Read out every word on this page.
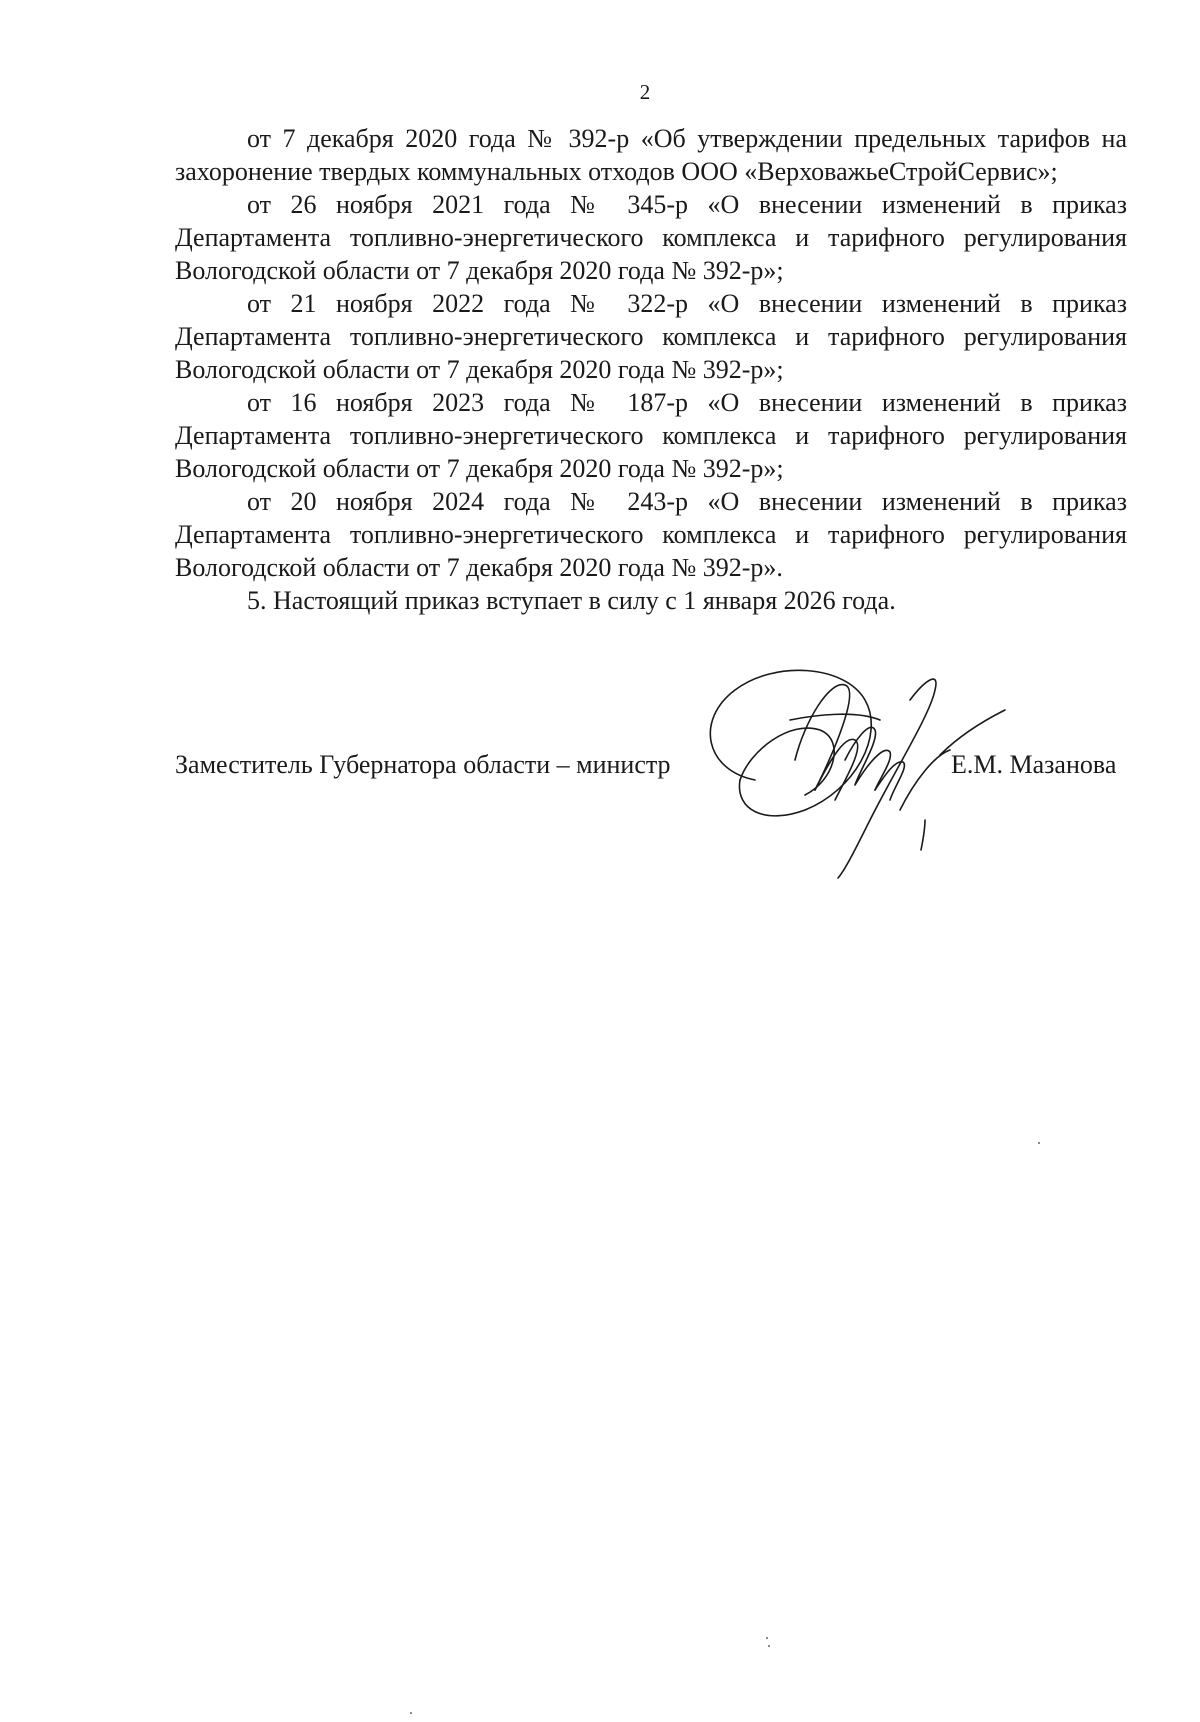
2

от 7 декабря 2020 года № 392-р «Об утверждении предельных тарифов на захоронение твердых коммунальных отходов ООО «ВерховажьеСтройСервис»;

от 26 ноября 2021 года № 345-р «О внесении изменений в приказ Департамента топливно-энергетического комплекса и тарифного регулирования Вологодской области от 7 декабря 2020 года № 392-р»;

от 21 ноября 2022 года № 322-р «О внесении изменений в приказ Департамента топливно-энергетического комплекса и тарифного регулирования Вологодской области от 7 декабря 2020 года № 392-р»;

от 16 ноября 2023 года № 187-р «О внесении изменений в приказ Департамента топливно-энергетического комплекса и тарифного регулирования Вологодской области от 7 декабря 2020 года № 392-р»;

от 20 ноября 2024 года № 243-р «О внесении изменений в приказ Департамента топливно-энергетического комплекса и тарифного регулирования Вологодской области от 7 декабря 2020 года № 392-р».

5. Настоящий приказ вступает в силу с 1 января 2026 года.

Заместитель Губернатора области – министр	Е.М. Мазанова
